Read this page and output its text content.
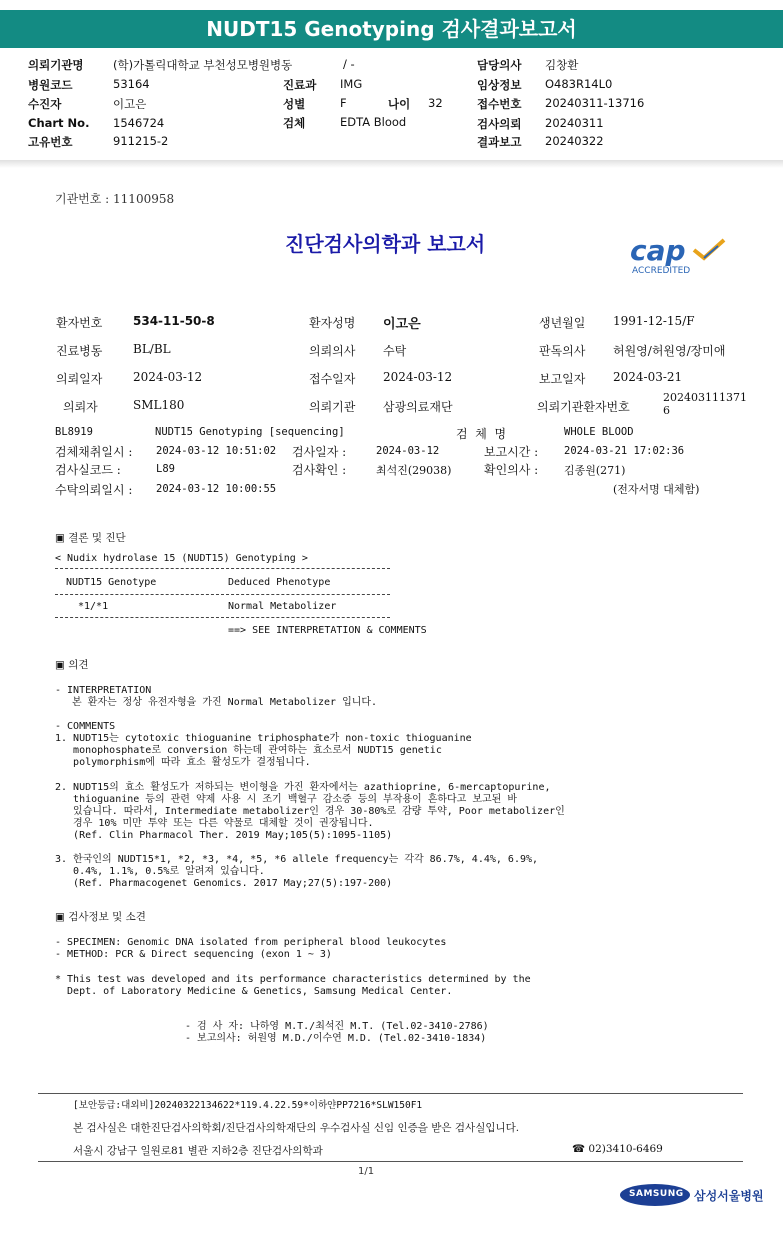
NUDT15 Genotyping 검사결과보고서
의뢰기관명	(학)가톨릭대학교 부천성모병원병동	/ -	담당의사 김창환
병원코드	53164	진료과 IMG	임상정보 O483R14L0
수진자	이고은	성별	F	나이 32	접수번호 20240311-13716
Chart No. 1546724	검체	EDTA Blood	검사의뢰 20240311
고유번호	911215-2	결과보고 20240322
기관번호 : 11100958
진단검사의학과 보고서

	cap

ACCREDITED

환자번호	534-11-50-8	환자성명 이고은	생년월일 1991-12-15/F
진료병동	BL/BL	의뢰의사 수탁	판독의사 허원영/허원영/장미애
의뢰일자	2024-03-12	접수일자 2024-03-12	보고일자 2024-03-21
의뢰자	SML180	의뢰기관 삼광의료재단	의뢰기관환자번호
202403111371
6
BL8919	NUDT15 Genotyping [sequencing]	검  체  명	WHOLE BLOOD
검체채취일시 : 2024-03-12 10:51:02 검사일자 :	2024-03-12	보고시간 : 2024-03-21 17:02:36
검사실코드 :	L89	검사확인 :	최석진(29038)	확인의사 : 김종원(271)
수탁의뢰일시 : 2024-03-12 10:00:55	(전자서명 대체함)
▣ 결론 및 진단
< Nudix hydrolase 15 (NUDT15) Genotyping >
NUDT15 Genotype	Deduced Phenotype
*1/*1	Normal Metabolizer
==> SEE INTERPRETATION & COMMENTS
▣ 의견
- INTERPRETATION
본 환자는 정상 유전자형을 가진 Normal Metabolizer 입니다.
- COMMENTS
1. NUDT15는 cytotoxic thioguanine triphosphate가 non-toxic thioguanine
monophosphate로 conversion 하는데 관여하는 효소로서 NUDT15 genetic
polymorphism에 따라 효소 활성도가 결정됩니다.
2. NUDT15의 효소 활성도가 저하되는 변이형을 가진 환자에서는 azathioprine, 6-mercaptopurine,
thioguanine 등의 관련 약제 사용 시 조기 백혈구 감소증 등의 부작용이 흔하다고 보고된 바
있습니다. 따라서, Intermediate metabolizer인 경우 30-80%로 감량 투약, Poor metabolizer인
경우 10% 미만 투약 또는 다른 약물로 대체할 것이 권장됩니다.
(Ref. Clin Pharmacol Ther. 2019 May;105(5):1095-1105)
3. 한국인의 NUDT15*1, *2, *3, *4, *5, *6 allele frequency는 각각 86.7%, 4.4%, 6.9%,
0.4%, 1.1%, 0.5%로 알려져 있습니다.
(Ref. Pharmacogenet Genomics. 2017 May;27(5):197-200)
▣ 검사정보 및 소견
- SPECIMEN: Genomic DNA isolated from peripheral blood leukocytes
- METHOD: PCR & Direct sequencing (exon 1 ~ 3)
* This test was developed and its performance characteristics determined by the
Dept. of Laboratory Medicine & Genetics, Samsung Medical Center.
- 검 사 자: 나하영 M.T./최석진 M.T. (Tel.02-3410-2786)
- 보고의사: 허원영 M.D./이수연 M.D. (Tel.02-3410-1834)
[보안등급:대외비]20240322134622*119.4.22.59*이하얀PP7216*SLW150F1
본 검사실은 대한진단검사의학회/진단검사의학재단의 우수검사실 신임 인증을 받은 검사실입니다.
서울시 강남구 일원로81 별관 지하2층 진단검사의학과	☎ 02)3410-6469
1/1

SAMSUNG 삼성서울병원
